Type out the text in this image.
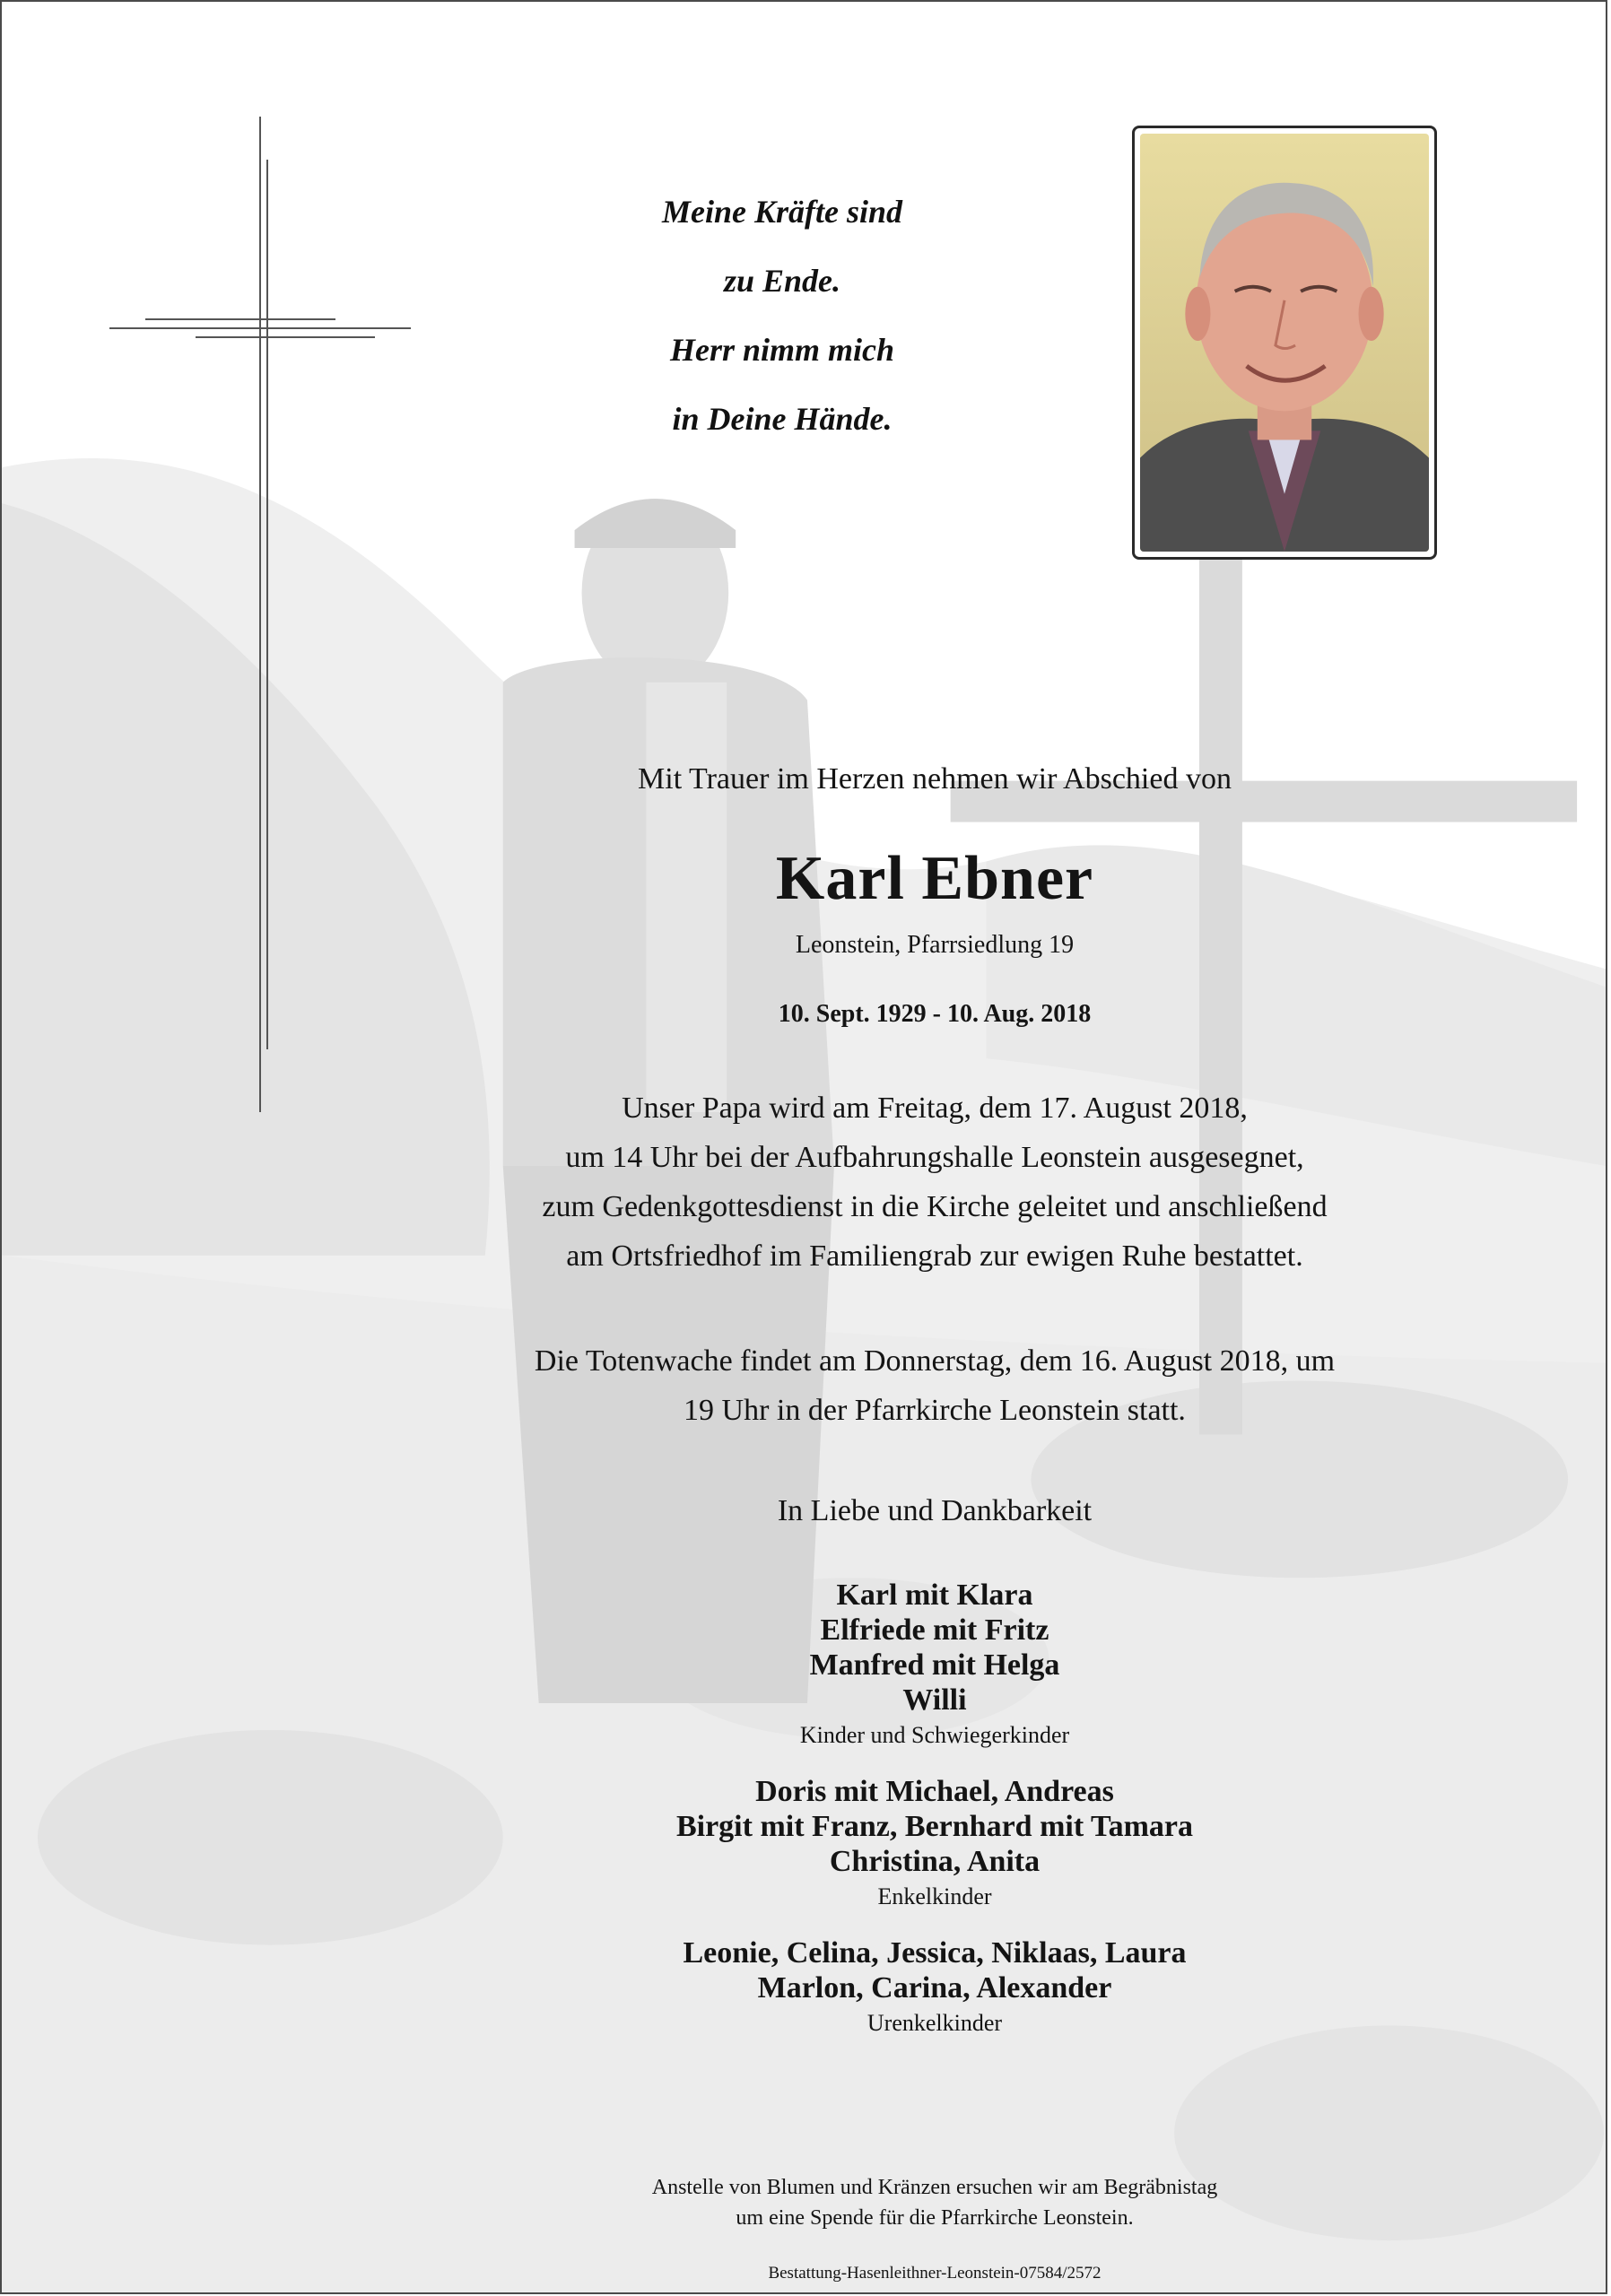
Meine Kräfte sind
zu Ende.
Herr nimm mich
in Deine Hände.
Mit Trauer im Herzen nehmen wir Abschied von
Karl Ebner
Leonstein, Pfarrsiedlung 19
10. Sept. 1929 - 10. Aug. 2018
Unser Papa wird am Freitag, dem 17. August 2018,
um 14 Uhr bei der Aufbahrungshalle Leonstein ausgesegnet,
zum Gedenkgottesdienst in die Kirche geleitet und anschließend
am Ortsfriedhof im Familiengrab zur ewigen Ruhe bestattet.
Die Totenwache findet am Donnerstag, dem 16. August 2018, um
19 Uhr in der Pfarrkirche Leonstein statt.
In Liebe und Dankbarkeit
Karl mit Klara
Elfriede mit Fritz
Manfred mit Helga
Willi
Kinder und Schwiegerkinder
Doris mit Michael, Andreas
Birgit mit Franz, Bernhard mit Tamara
Christina, Anita
Enkelkinder
Leonie, Celina, Jessica, Niklaas, Laura
Marlon, Carina, Alexander
Urenkelkinder
Anstelle von Blumen und Kränzen ersuchen wir am Begräbnistag
um eine Spende für die Pfarrkirche Leonstein.
Bestattung-Hasenleithner-Leonstein-07584/2572
